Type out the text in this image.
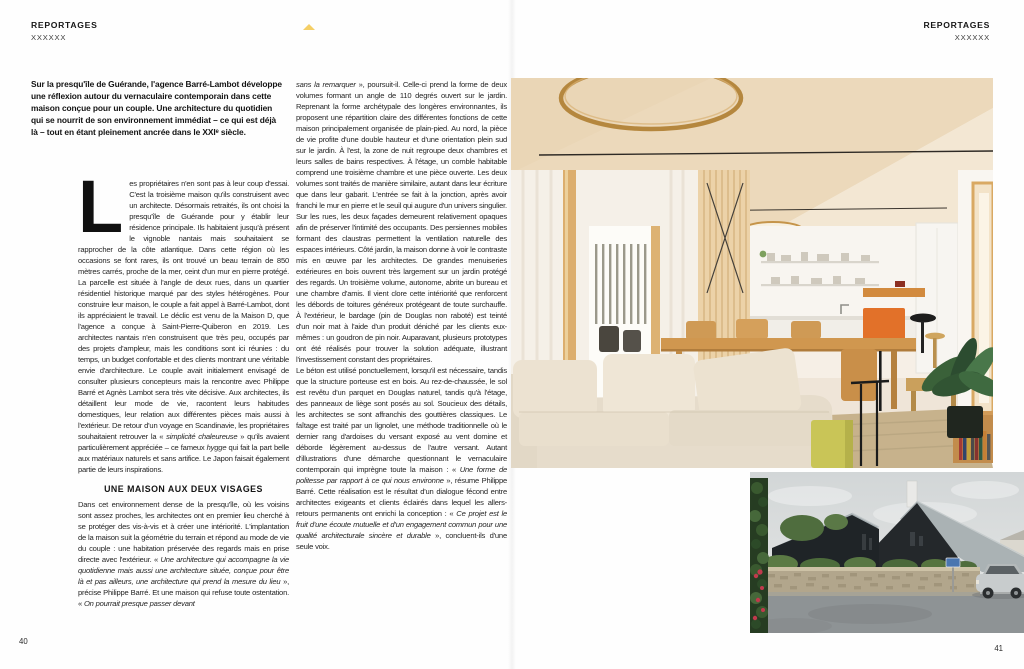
REPORTAGES
XXXXXX

Sur la presqu'île de Guérande, l'agence Barré-Lambot développe une réflexion autour du vernaculaire contemporain dans cette maison conçue pour un couple. Une architecture du quotidien qui se nourrit de son environnement immédiat – ce qui est déjà là – tout en étant pleinement ancrée dans le XXIᵉ siècle.

L es propriétaires n'en sont pas à leur coup d'essai. C'est la troisième maison qu'ils construisent avec un architecte. Désormais retraités, ils ont choisi la presqu'île de Guérande pour y établir leur résidence principale. Ils habitaient jusqu'à présent le vignoble nantais mais souhaitaient se rapprocher de la côte atlantique. Dans cette région où les occasions se font rares, ils ont trouvé un beau terrain de 850 mètres carrés, proche de la mer, ceint d'un mur en pierre protégé. La parcelle est située à l'angle de deux rues, dans un quartier résidentiel historique marqué par des styles hétérogènes. Pour construire leur maison, le couple a fait appel à Barré-Lambot, dont ils appréciaient le travail. Le déclic est venu de la Maison D, que l'agence a conçue à Saint-Pierre-Quiberon en 2019. Les architectes nantais n'en construisent que très peu, occupés par des projets d'ampleur, mais les conditions sont ici réunies : du temps, un budget confortable et des clients montrant une véritable envie d'architecture. Le couple avait initialement envisagé de consulter plusieurs concepteurs mais la rencontre avec Philippe Barré et Agnès Lambot sera très vite décisive. Aux architectes, ils détaillent leur mode de vie, racontent leurs habitudes domestiques, leur relation aux différentes pièces mais aussi à l'extérieur. De retour d'un voyage en Scandinavie, les propriétaires souhaitaient retrouver la « simplicité chaleureuse » qu'ils avaient particulièrement appréciée – ce fameux hygge qui fait la part belle aux matériaux naturels et sans artifice. Le Japon faisait également partie de leurs inspirations.

UNE MAISON AUX DEUX VISAGES

Dans cet environnement dense de la presqu'île, où les voisins sont assez proches, les architectes ont en premier lieu cherché à se protéger des vis-à-vis et à créer une intériorité. L'implantation de la maison suit la géométrie du terrain et répond au mode de vie du couple : une habitation préservée des regards mais en prise directe avec l'extérieur. « Une architecture qui accompagne la vie quotidienne mais aussi une architecture située, conçue pour être là et pas ailleurs, une architecture qui prend la mesure du lieu », précise Philippe Barré. Et une maison qui refuse toute ostentation. « On pourrait presque passer devant

sans la remarquer », poursuit-il. Celle-ci prend la forme de deux volumes formant un angle de 110 degrés ouvert sur le jardin. Reprenant la forme archétypale des longères environnantes, ils proposent une répartition claire des différentes fonctions de cette maison principalement organisée de plain-pied. Au nord, la pièce de vie profite d'une double hauteur et d'une orientation plein sud sur le jardin. À l'est, la zone de nuit regroupe deux chambres et leurs salles de bains respectives. À l'étage, un comble habitable comprend une troisième chambre et une pièce ouverte. Les deux volumes sont traités de manière similaire, autant dans leur écriture que dans leur gabarit. L'entrée se fait à la jonction, après avoir franchi le mur en pierre et le seuil qui augure d'un univers singulier.

Sur les rues, les deux façades demeurent relativement opaques afin de préserver l'intimité des occupants. Des persiennes mobiles formant des claustras permettent la ventilation naturelle des espaces intérieurs. Côté jardin, la maison donne à voir le contraste mis en œuvre par les architectes. De grandes menuiseries extérieures en bois ouvrent très largement sur un jardin protégé des regards. Un troisième volume, autonome, abrite un bureau et une chambre d'amis. Il vient clore cette intériorité que renforcent les débords de toitures généreux protégeant de toute surchauffe. À l'extérieur, le bardage (pin de Douglas non raboté) est teinté d'un noir mat à l'aide d'un produit déniché par les clients eux-mêmes : un goudron de pin noir. Auparavant, plusieurs prototypes ont été réalisés pour trouver la solution adéquate, illustrant l'investissement constant des propriétaires.

Le béton est utilisé ponctuellement, lorsqu'il est nécessaire, tandis que la structure porteuse est en bois. Au rez-de-chaussée, le sol est revêtu d'un parquet en Douglas naturel, tandis qu'à l'étage, des panneaux de liège sont posés au sol. Soucieux des détails, les architectes se sont affranchis des gouttières classiques. Le faîtage est traité par un lignolet, une méthode traditionnelle où le dernier rang d'ardoises du versant exposé au vent domine et déborde légèrement au-dessus de l'autre versant. Autant d'illustrations d'une démarche questionnant le vernaculaire contemporain qui imprègne toute la maison : « Une forme de politesse par rapport à ce qui nous environne », résume Philippe Barré. Cette réalisation est le résultat d'un dialogue fécond entre architectes exigeants et clients éclairés dans lequel les allers-retours permanents ont enrichi la conception : « Ce projet est le fruit d'une écoute mutuelle et d'un engagement commun pour une qualité architecturale sincère et durable », concluent-ils d'une seule voix.

40
REPORTAGES
XXXXXX
41
